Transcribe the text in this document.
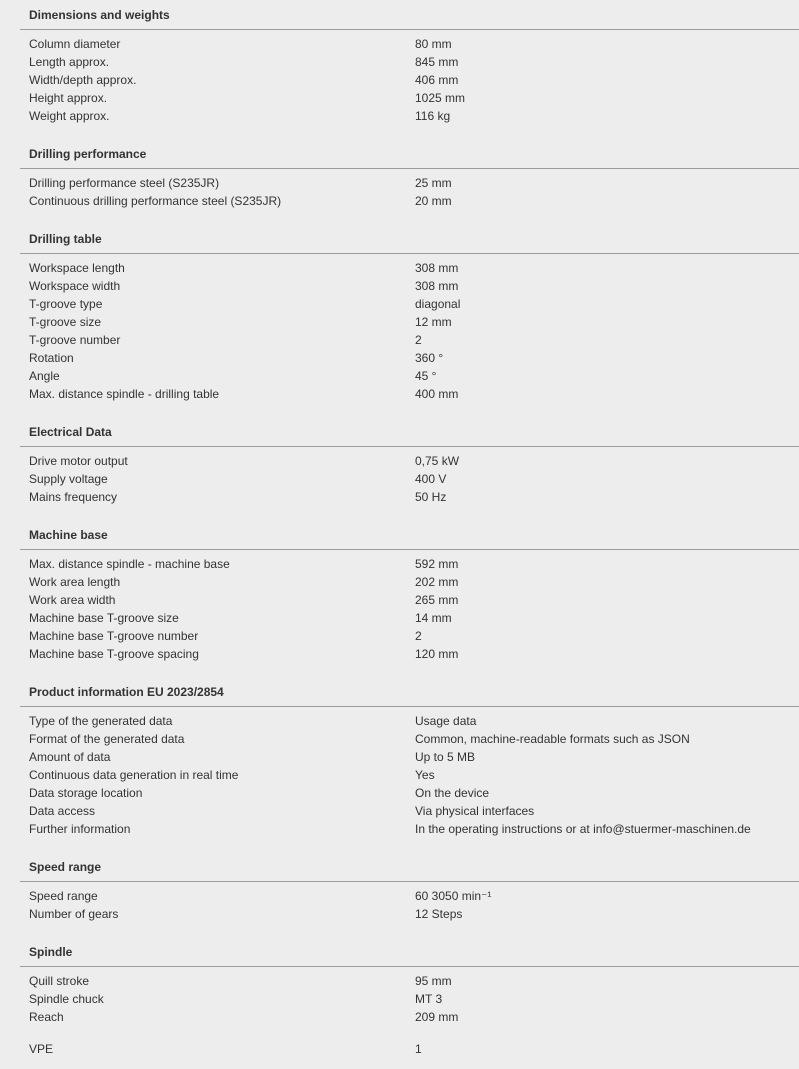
Dimensions and weights
Column diameter	80 mm
Length approx.	845 mm
Width/depth approx.	406 mm
Height approx.	1025 mm
Weight approx.	116 kg
Drilling performance
Drilling performance steel (S235JR)	25 mm
Continuous drilling performance steel (S235JR)	20 mm
Drilling table
Workspace length	308 mm
Workspace width	308 mm
T-groove type	diagonal
T-groove size	12 mm
T-groove number	2
Rotation	360 °
Angle	45 °
Max. distance spindle - drilling table	400 mm
Electrical Data
Drive motor output	0,75 kW
Supply voltage	400 V
Mains frequency	50 Hz
Machine base
Max. distance spindle - machine base	592 mm
Work area length	202 mm
Work area width	265 mm
Machine base T-groove size	14 mm
Machine base T-groove number	2
Machine base T-groove spacing	120 mm
Product information EU 2023/2854
Type of the generated data	Usage data
Format of the generated data	Common, machine-readable formats such as JSON
Amount of data	Up to 5 MB
Continuous data generation in real time	Yes
Data storage location	On the device
Data access	Via physical interfaces
Further information	In the operating instructions or at info@stuermer-maschinen.de
Speed range
Speed range	60 3050 min⁻¹
Number of gears	12 Steps
Spindle
Quill stroke	95 mm
Spindle chuck	MT 3
Reach	209 mm
VPE	1
